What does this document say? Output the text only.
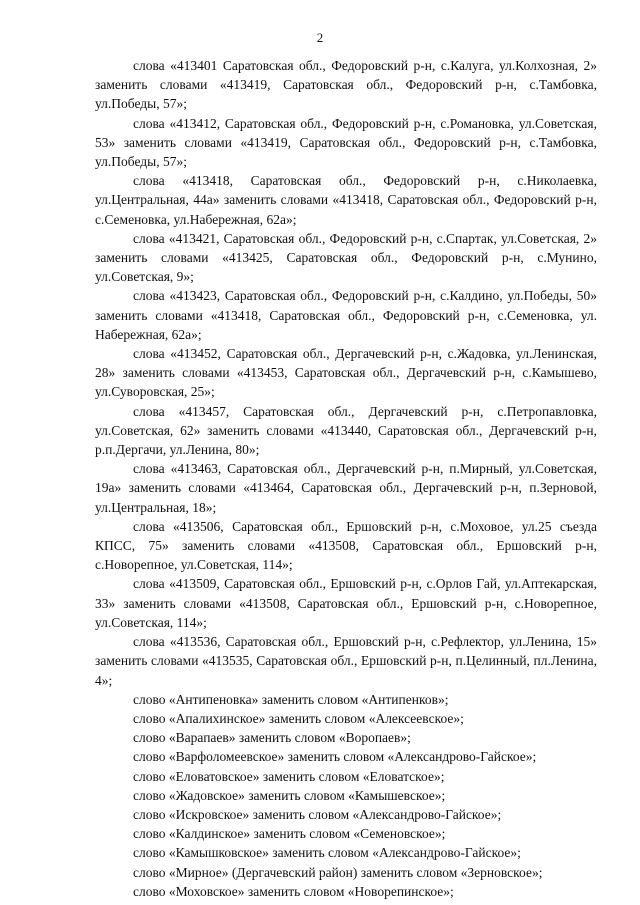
2

слова «413401 Саратовская обл., Федоровский р-н, с.Калуга, ул.Колхозная, 2» заменить словами «413419, Саратовская обл., Федоровский р-н, с.Тамбовка, ул.Победы, 57»;

слова «413412, Саратовская обл., Федоровский р-н, с.Романовка, ул.Советская, 53» заменить словами «413419, Саратовская обл., Федоровский р-н, с.Тамбовка, ул.Победы, 57»;

слова «413418, Саратовская обл., Федоровский р-н, с.Николаевка, ул.Центральная, 44а» заменить словами «413418, Саратовская обл., Федоровский р-н, с.Семеновка, ул.Набережная, 62а»;

слова «413421, Саратовская обл., Федоровский р-н, с.Спартак, ул.Советская, 2» заменить словами «413425, Саратовская обл., Федоровский р-н, с.Мунино, ул.Советская, 9»;

слова «413423, Саратовская обл., Федоровский р-н, с.Калдино, ул.Победы, 50» заменить словами «413418, Саратовская обл., Федоровский р-н, с.Семеновка, ул. Набережная, 62а»;

слова «413452, Саратовская обл., Дергачевский р-н, с.Жадовка, ул.Ленинская, 28» заменить словами «413453, Саратовская обл., Дергачевский р-н, с.Камышево, ул.Суворовская, 25»;

слова «413457, Саратовская обл., Дергачевский р-н, с.Петропавловка, ул.Советская, 62» заменить словами «413440, Саратовская обл., Дергачевский р-н, р.п.Дергачи, ул.Ленина, 80»;

слова «413463, Саратовская обл., Дергачевский р-н, п.Мирный, ул.Советская, 19а» заменить словами «413464, Саратовская обл., Дергачевский р-н, п.Зерновой, ул.Центральная, 18»;

слова «413506, Саратовская обл., Ершовский р-н, с.Моховое, ул.25 съезда КПСС, 75» заменить словами «413508, Саратовская обл., Ершовский р-н, с.Новорепное, ул.Советская, 114»;

слова «413509, Саратовская обл., Ершовский р-н, с.Орлов Гай, ул.Аптекарская, 33» заменить словами «413508, Саратовская обл., Ершовский р-н, с.Новорепное, ул.Советская, 114»;

слова «413536, Саратовская обл., Ершовский р-н, с.Рефлектор, ул.Ленина, 15» заменить словами «413535, Саратовская обл., Ершовский р-н, п.Целинный, пл.Ленина, 4»;

слово «Антипеновка» заменить словом «Антипенков»;
слово «Апалихинское» заменить словом «Алексеевское»;
слово «Варапаев» заменить словом «Воропаев»;
слово «Варфоломеевское» заменить словом «Александрово-Гайское»;
слово «Еловатовское» заменить словом «Еловатское»;
слово «Жадовское» заменить словом «Камышевское»;
слово «Искровское» заменить словом «Александрово-Гайское»;
слово «Калдинское» заменить словом «Семеновское»;
слово «Камышковское» заменить словом «Александрово-Гайское»;
слово «Мирное» (Дергачевский район) заменить словом «Зерновское»;
слово «Моховское» заменить словом «Новорепинское»;
